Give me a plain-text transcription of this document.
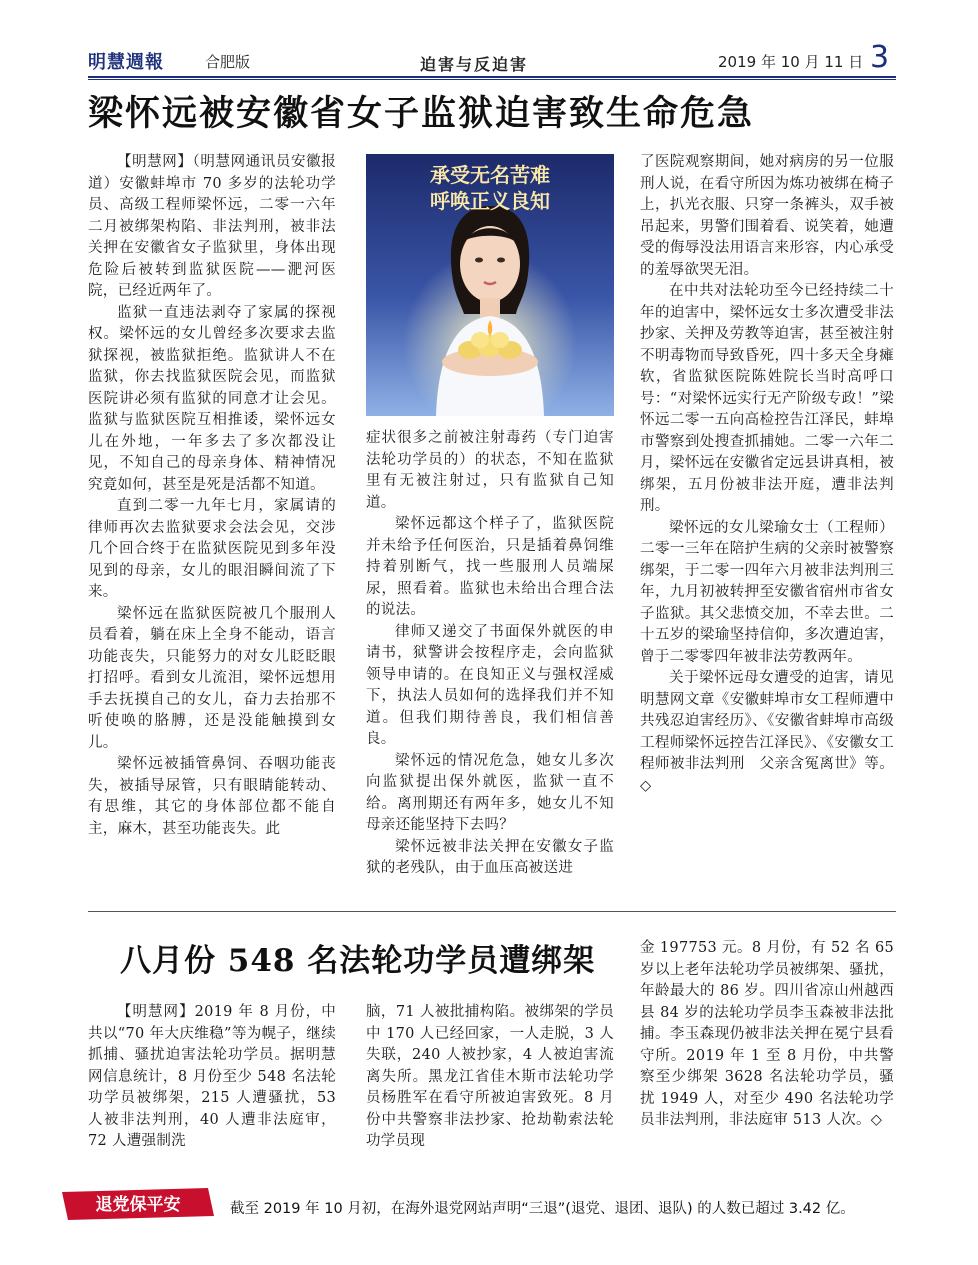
明慧週報	合肥版	迫害与反迫害	2019 年 10 月 11 日 3
梁怀远被安徽省女子监狱迫害致生命危急

【明慧网】（明慧网通讯员安徽报道）安徽蚌埠市 70 多岁的法轮功学员、高级工程师梁怀远，二零一六年二月被绑架构陷、非法判刑，被非法关押在安徽省女子监狱里，身体出现危险后被转到监狱医院——淝河医院，已经近两年了。

监狱一直违法剥夺了家属的探视权。梁怀远的女儿曾经多次要求去监狱探视，被监狱拒绝。监狱讲人不在监狱，你去找监狱医院会见，而监狱医院讲必须有监狱的同意才让会见。监狱与监狱医院互相推诿，梁怀远女儿在外地，一年多去了多次都没让见，不知自己的母亲身体、精神情况究竟如何，甚至是死是活都不知道。

直到二零一九年七月，家属请的律师再次去监狱要求会法会见，交涉几个回合终于在监狱医院见到多年没见到的母亲，女儿的眼泪瞬间流了下来。

梁怀远在监狱医院被几个服刑人员看着，躺在床上全身不能动，语言功能丧失，只能努力的对女儿眨眨眼打招呼。看到女儿流泪，梁怀远想用手去抚摸自己的女儿，奋力去抬那不听使唤的胳膊，还是没能触摸到女儿。

梁怀远被插管鼻饲、吞咽功能丧失，被插导尿管，只有眼睛能转动、有思维，其它的身体部位都不能自主，麻木，甚至功能丧失。此

承受无名苦难
呼唤正义良知

症状很多之前被注射毒药（专门迫害法轮功学员的）的状态，不知在监狱里有无被注射过，只有监狱自己知道。

梁怀远都这个样子了，监狱医院并未给予任何医治，只是插着鼻饲维持着别断气，找一些服刑人员端屎尿，照看着。监狱也未给出合理合法的说法。

律师又递交了书面保外就医的申请书，狱警讲会按程序走，会向监狱领导申请的。在良知正义与强权淫威下，执法人员如何的选择我们并不知道。但我们期待善良，我们相信善良。

梁怀远的情况危急，她女儿多次向监狱提出保外就医，监狱一直不给。离刑期还有两年多，她女儿不知母亲还能坚持下去吗？

梁怀远被非法关押在安徽女子监狱的老残队，由于血压高被送进

了医院观察期间，她对病房的另一位服刑人说，在看守所因为炼功被绑在椅子上，扒光衣服、只穿一条裤头，双手被吊起来，男警们围着看、说笑着，她遭受的侮辱没法用语言来形容，内心承受的羞辱欲哭无泪。

在中共对法轮功至今已经持续二十年的迫害中，梁怀远女士多次遭受非法抄家、关押及劳教等迫害，甚至被注射不明毒物而导致昏死，四十多天全身瘫软，省监狱医院陈姓院长当时高呼口号：“对梁怀远实行无产阶级专政！”梁怀远二零一五向高检控告江泽民，蚌埠市警察到处搜查抓捕她。二零一六年二月，梁怀远在安徽省定远县讲真相，被绑架，五月份被非法开庭，遭非法判刑。

梁怀远的女儿梁瑜女士（工程师）二零一三年在陪护生病的父亲时被警察绑架，于二零一四年六月被非法判刑三年，九月初被转押至安徽省宿州市省女子监狱。其父悲愤交加，不幸去世。二十五岁的梁瑜坚持信仰，多次遭迫害，曾于二零零四年被非法劳教两年。

关于梁怀远母女遭受的迫害，请见明慧网文章《安徽蚌埠市女工程师遭中共残忍迫害经历》、《安徽省蚌埠市高级工程师梁怀远控告江泽民》、《安徽女工程师被非法判刑　父亲含冤离世》等。◇

八月份 548 名法轮功学员遭绑架

【明慧网】2019 年 8 月份，中共以“70 年大庆维稳”等为幌子，继续抓捕、骚扰迫害法轮功学员。据明慧网信息统计，8 月份至少 548 名法轮功学员被绑架，215 人遭骚扰，53 人被非法判刑，40 人遭非法庭审，72 人遭强制洗

脑，71 人被批捕构陷。被绑架的学员中 170 人已经回家，一人走脱，3 人失联，240 人被抄家，4 人被迫害流离失所。黑龙江省佳木斯市法轮功学员杨胜军在看守所被迫害致死。8 月份中共警察非法抄家、抢劫勒索法轮功学员现

金 197753 元。8 月份，有 52 名 65 岁以上老年法轮功学员被绑架、骚扰，年龄最大的 86 岁。四川省凉山州越西县 84 岁的法轮功学员李玉森被非法批捕。李玉森现仍被非法关押在冕宁县看守所。2019 年 1 至 8 月份，中共警察至少绑架 3628 名法轮功学员，骚扰 1949 人，对至少 490 名法轮功学员非法判刑，非法庭审 513 人次。◇

退党保平安	截至 2019 年 10 月初，在海外退党网站声明“三退”(退党、退团、退队) 的人数已超过 3.42 亿。
